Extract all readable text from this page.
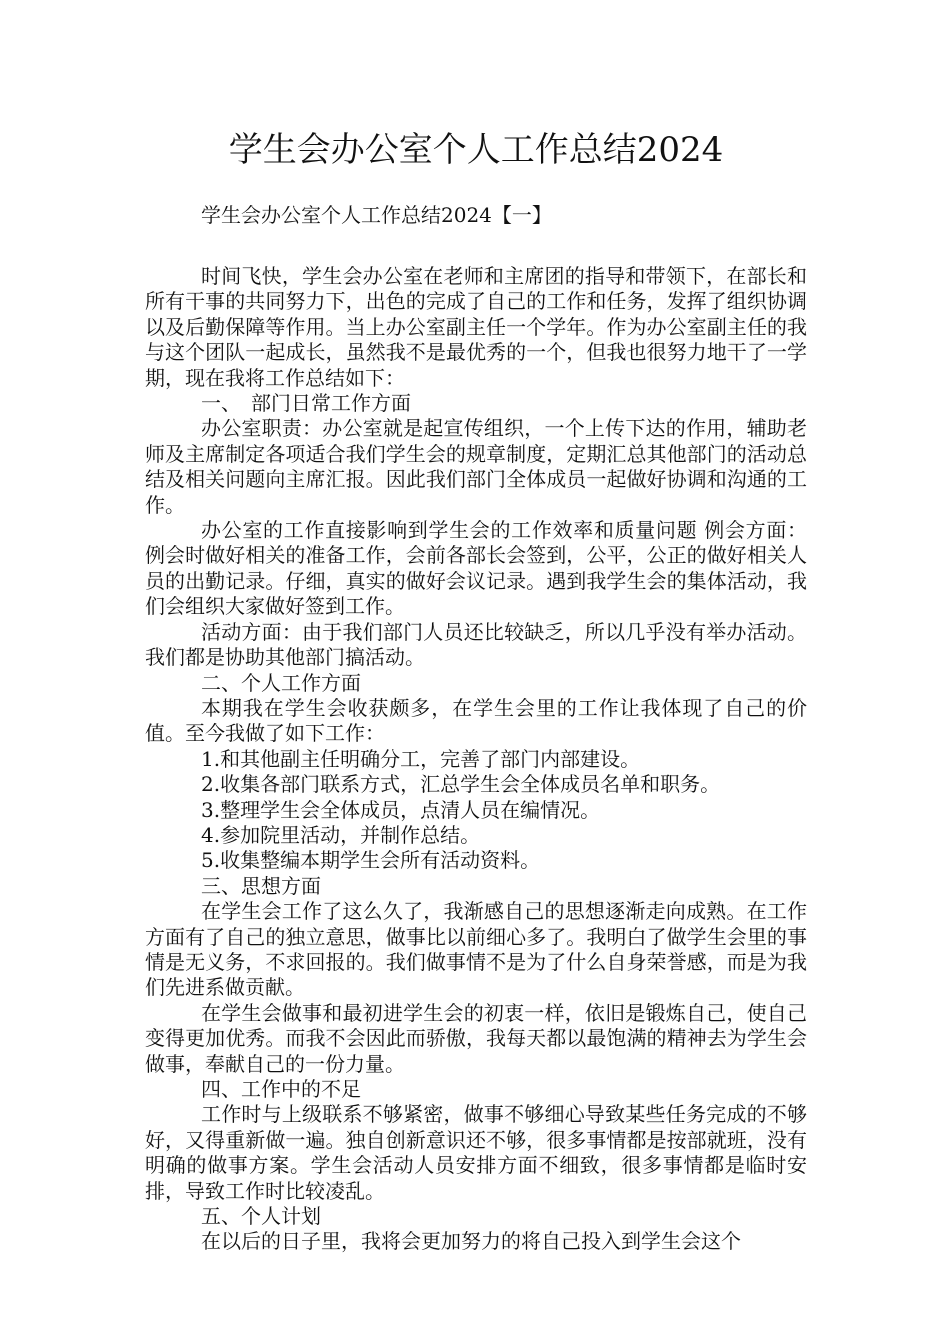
学生会办公室个人工作总结2024
学生会办公室个人工作总结2024【一】

时间飞快，学生会办公室在老师和主席团的指导和带领下，在部长和所有干事的共同努力下，出色的完成了自己的工作和任务，发挥了组织协调以及后勤保障等作用。当上办公室副主任一个学年。作为办公室副主任的我与这个团队一起成长，虽然我不是最优秀的一个，但我也很努力地干了一学期，现在我将工作总结如下：

一、　部门日常工作方面

办公室职责：办公室就是起宣传组织，一个上传下达的作用，辅助老师及主席制定各项适合我们学生会的规章制度，定期汇总其他部门的活动总结及相关问题向主席汇报。因此我们部门全体成员一起做好协调和沟通的工作。

办公室的工作直接影响到学生会的工作效率和质量问题 例会方面：例会时做好相关的准备工作，会前各部长会签到，公平，公正的做好相关人员的出勤记录。仔细，真实的做好会议记录。遇到我学生会的集体活动，我们会组织大家做好签到工作。

活动方面：由于我们部门人员还比较缺乏，所以几乎没有举办活动。我们都是协助其他部门搞活动。

二、个人工作方面

本期我在学生会收获颇多，在学生会里的工作让我体现了自己的价值。至今我做了如下工作：

1.和其他副主任明确分工，完善了部门内部建设。

2.收集各部门联系方式，汇总学生会全体成员名单和职务。

3.整理学生会全体成员，点清人员在编情况。

4.参加院里活动，并制作总结。

5.收集整编本期学生会所有活动资料。

三、思想方面

在学生会工作了这么久了，我渐感自己的思想逐渐走向成熟。在工作方面有了自己的独立意思，做事比以前细心多了。我明白了做学生会里的事情是无义务，不求回报的。我们做事情不是为了什么自身荣誉感，而是为我们先进系做贡献。

在学生会做事和最初进学生会的初衷一样，依旧是锻炼自己，使自己变得更加优秀。而我不会因此而骄傲，我每天都以最饱满的精神去为学生会做事，奉献自己的一份力量。

四、工作中的不足

工作时与上级联系不够紧密，做事不够细心导致某些任务完成的不够好，又得重新做一遍。独自创新意识还不够，很多事情都是按部就班，没有明确的做事方案。学生会活动人员安排方面不细致，很多事情都是临时安排，导致工作时比较凌乱。

五、个人计划

在以后的日子里，我将会更加努力的将自己投入到学生会这个
